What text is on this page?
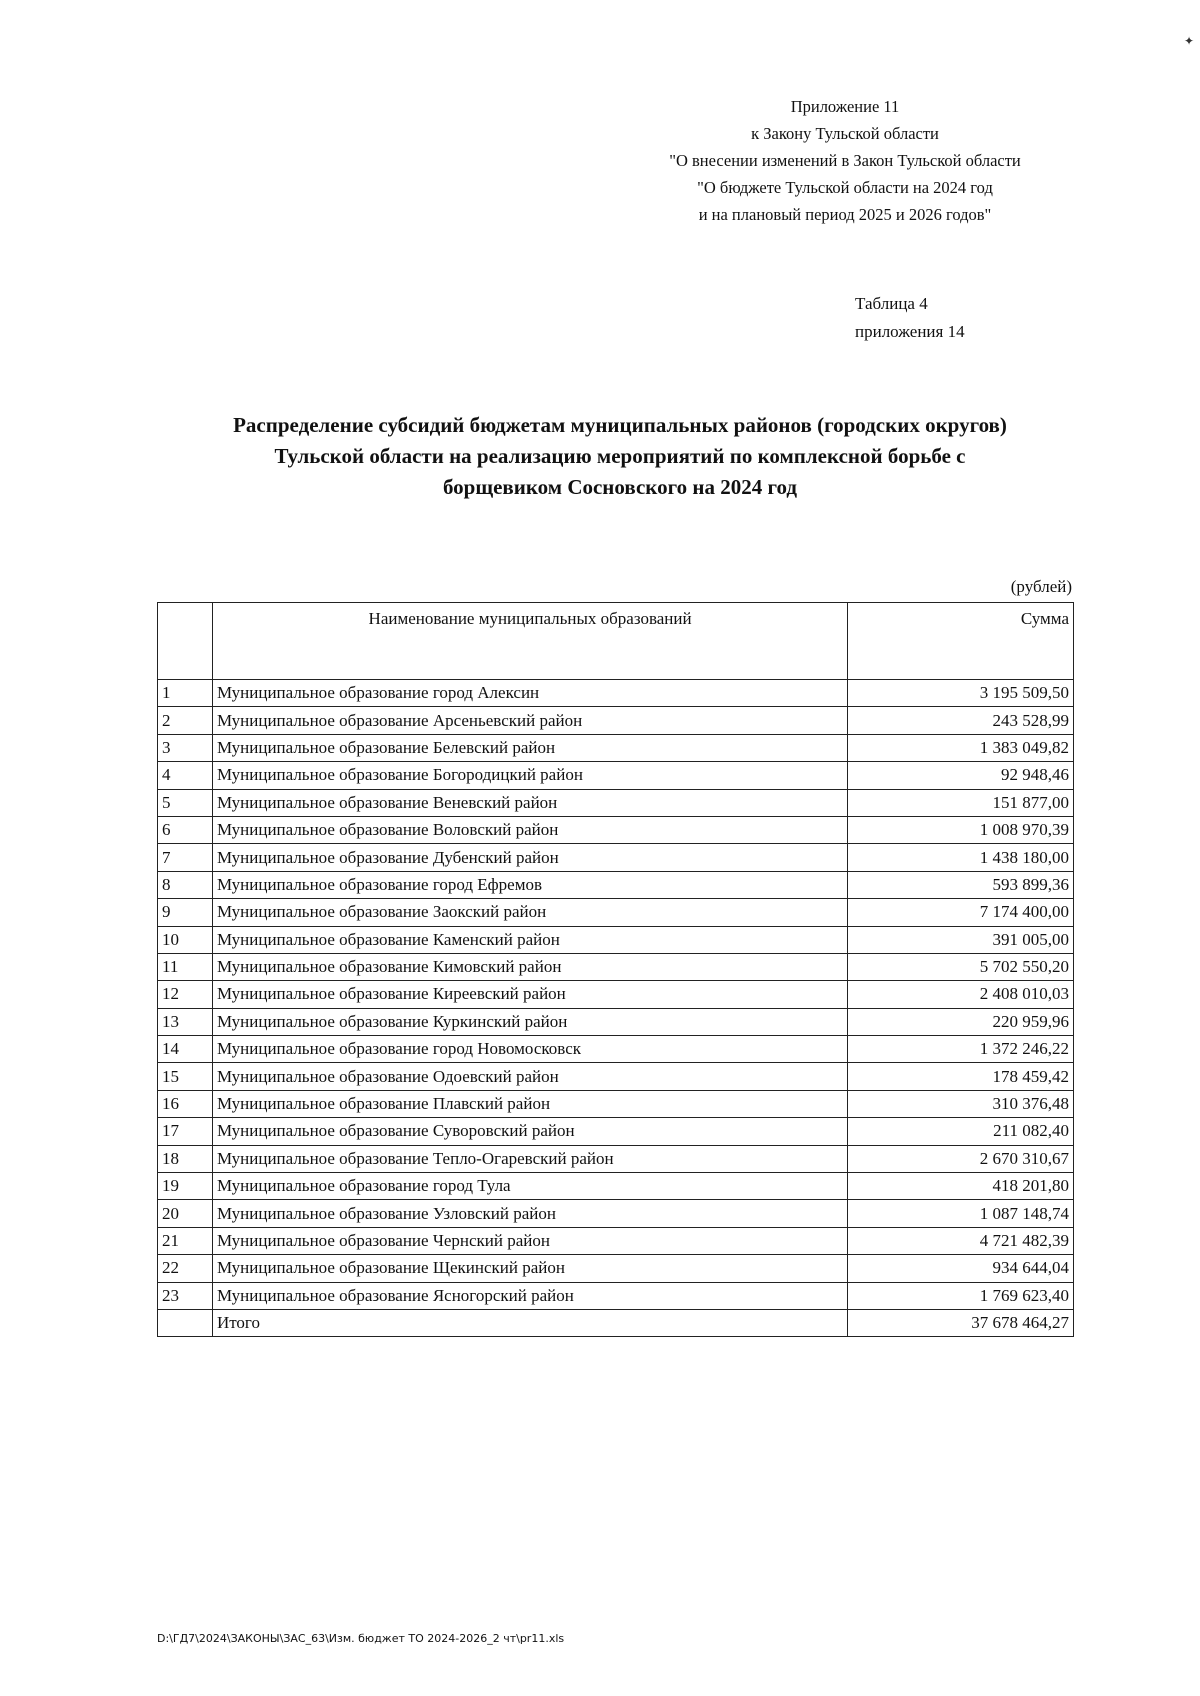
Приложение 11
к Закону Тульской области
"О внесении изменений в Закон Тульской области
"О бюджете Тульской области на 2024 год
и на плановый период 2025 и 2026 годов"
Таблица 4
приложения 14
Распределение субсидий бюджетам муниципальных районов (городских округов)
Тульской области на реализацию мероприятий по комплексной борьбе с
борщевиком Сосновского на 2024 год
(рублей)
	Наименование муниципальных образований	Сумма
1	Муниципальное образование город Алексин	3 195 509,50
2	Муниципальное образование Арсеньевский район	243 528,99
3	Муниципальное образование Белевский район	1 383 049,82
4	Муниципальное образование Богородицкий район	92 948,46
5	Муниципальное образование Веневский район	151 877,00
6	Муниципальное образование Воловский район	1 008 970,39
7	Муниципальное образование Дубенский район	1 438 180,00
8	Муниципальное образование город Ефремов	593 899,36
9	Муниципальное образование Заокский район	7 174 400,00
10	Муниципальное образование Каменский район	391 005,00
11	Муниципальное образование Кимовский район	5 702 550,20
12	Муниципальное образование Киреевский район	2 408 010,03
13	Муниципальное образование Куркинский район	220 959,96
14	Муниципальное образование город Новомосковск	1 372 246,22
15	Муниципальное образование Одоевский район	178 459,42
16	Муниципальное образование Плавский район	310 376,48
17	Муниципальное образование Суворовский район	211 082,40
18	Муниципальное образование Тепло-Огаревский район	2 670 310,67
19	Муниципальное образование город Тула	418 201,80
20	Муниципальное образование Узловский район	1 087 148,74
21	Муниципальное образование Чернский район	4 721 482,39
22	Муниципальное образование Щекинский район	934 644,04
23	Муниципальное образование Ясногорский район	1 769 623,40
	Итого	37 678 464,27
D:\ГД7\2024\ЗАКОНЫ\ЗАС_63\Изм. бюджет ТО 2024-2026_2 чт\pr11.xls
✦
